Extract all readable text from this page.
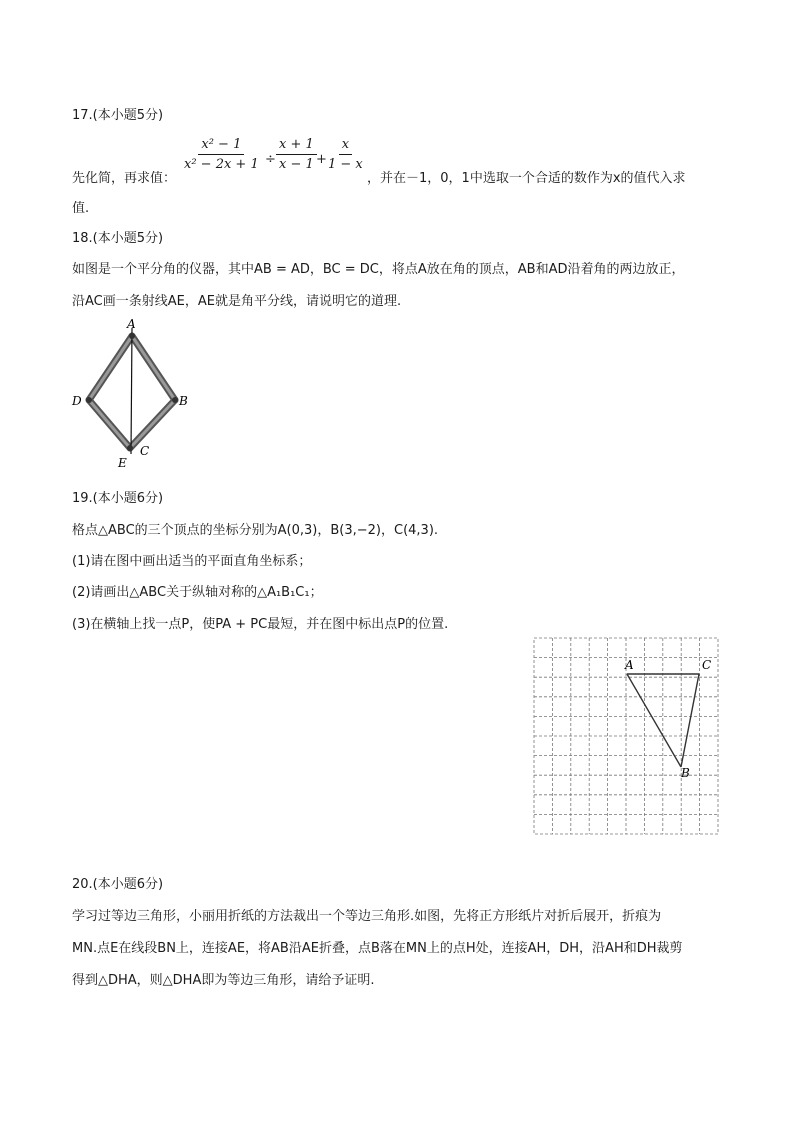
17.(本小题5分)
$\frac{\text{x² − 1}}{\text{x² − 2x + 1}} \div \frac{x + 1}{x - 1} + \frac{x}{1 - x}$
先化简，再求值：	，并在－1，0，1中选取一个合适的数作为x的值代入求
值.
18.(本小题5分)
如图是一个平分角的仪器，其中AB = AD，BC = DC，将点A放在角的顶点，AB和AD沿着角的两边放正，
沿AC画一条射线AE，AE就是角平分线，请说明它的道理.
A
D	B
C
E
19.(本小题6分)
格点△ABC的三个顶点的坐标分别为A(0,3)，B(3,−2)，C(4,3).
(1)请在图中画出适当的平面直角坐标系；
(2)请画出△ABC关于纵轴对称的△A₁B₁C₁；
(3)在横轴上找一点P，使PA + PC最短，并在图中标出点P的位置.
A	C
B
20.(本小题6分)
学习过等边三角形，小丽用折纸的方法裁出一个等边三角形.如图，先将正方形纸片对折后展开，折痕为
MN.点E在线段BN上，连接AE，将AB沿AE折叠，点B落在MN上的点H处，连接AH，DH，沿AH和DH裁剪
得到△DHA，则△DHA即为等边三角形，请给予证明.
